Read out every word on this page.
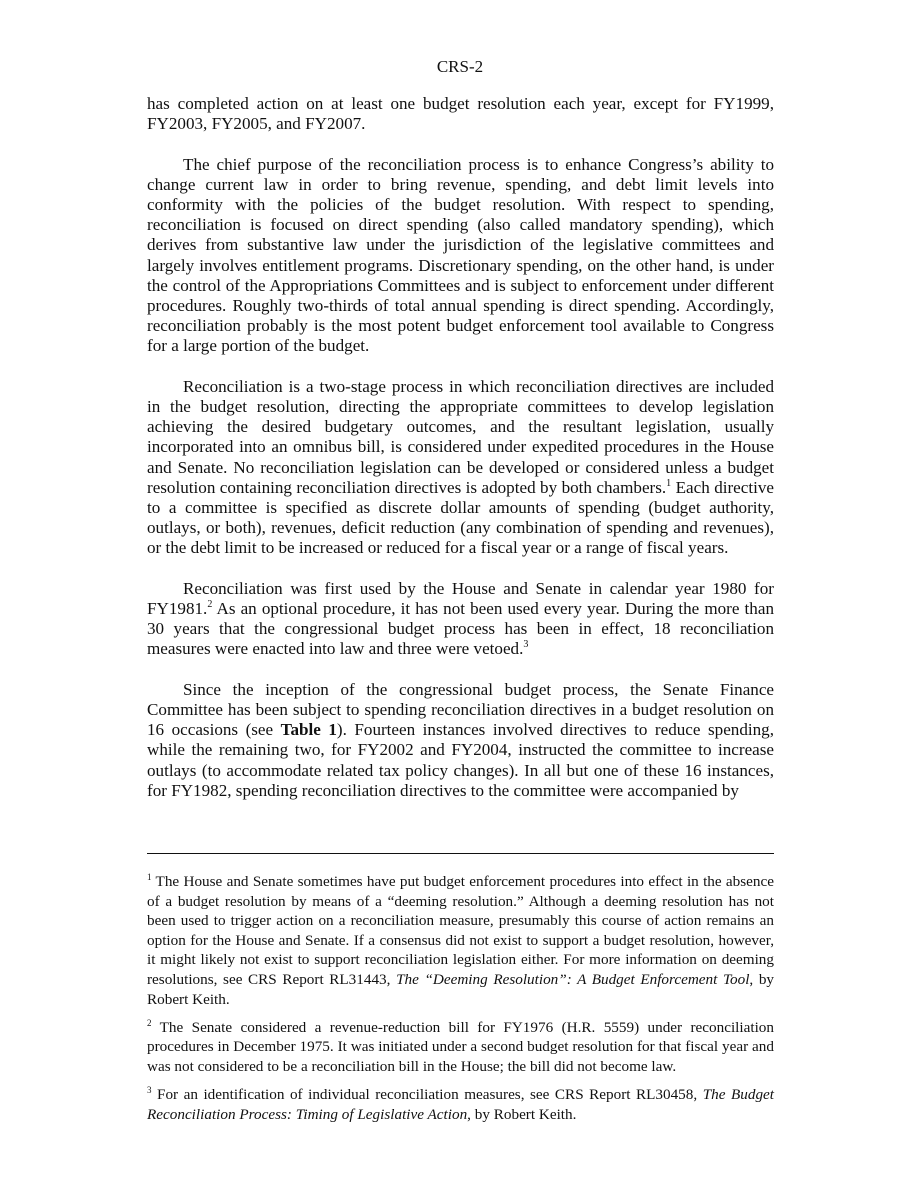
CRS-2

has completed action on at least one budget resolution each year, except for FY1999, FY2003, FY2005, and FY2007.

The chief purpose of the reconciliation process is to enhance Congress’s ability to change current law in order to bring revenue, spending, and debt limit levels into conformity with the policies of the budget resolution. With respect to spending, reconciliation is focused on direct spending (also called mandatory spending), which derives from substantive law under the jurisdiction of the legislative committees and largely involves entitlement programs. Discretionary spending, on the other hand, is under the control of the Appropriations Committees and is subject to enforcement under different procedures. Roughly two-thirds of total annual spending is direct spending. Accordingly, reconciliation probably is the most potent budget enforcement tool available to Congress for a large portion of the budget.

Reconciliation is a two-stage process in which reconciliation directives are included in the budget resolution, directing the appropriate committees to develop legislation achieving the desired budgetary outcomes, and the resultant legislation, usually incorporated into an omnibus bill, is considered under expedited procedures in the House and Senate. No reconciliation legislation can be developed or considered unless a budget resolution containing reconciliation directives is adopted by both chambers.$^1$ Each directive to a committee is specified as discrete dollar amounts of spending (budget authority, outlays, or both), revenues, deficit reduction (any combination of spending and revenues), or the debt limit to be increased or reduced for a fiscal year or a range of fiscal years.

Reconciliation was first used by the House and Senate in calendar year 1980 for FY1981.$^2$ As an optional procedure, it has not been used every year. During the more than 30 years that the congressional budget process has been in effect, 18 reconciliation measures were enacted into law and three were vetoed.$^3$

Since the inception of the congressional budget process, the Senate Finance Committee has been subject to spending reconciliation directives in a budget resolution on 16 occasions (see Table 1). Fourteen instances involved directives to reduce spending, while the remaining two, for FY2002 and FY2004, instructed the committee to increase outlays (to accommodate related tax policy changes). In all but one of these 16 instances, for FY1982, spending reconciliation directives to the committee were accompanied by

$^1$ The House and Senate sometimes have put budget enforcement procedures into effect in the absence of a budget resolution by means of a “deeming resolution.” Although a deeming resolution has not been used to trigger action on a reconciliation measure, presumably this course of action remains an option for the House and Senate. If a consensus did not exist to support a budget resolution, however, it might likely not exist to support reconciliation legislation either. For more information on deeming resolutions, see CRS Report RL31443, The “Deeming Resolution”: A Budget Enforcement Tool, by Robert Keith.

$^2$ The Senate considered a revenue-reduction bill for FY1976 (H.R. 5559) under reconciliation procedures in December 1975. It was initiated under a second budget resolution for that fiscal year and was not considered to be a reconciliation bill in the House; the bill did not become law.

$^3$ For an identification of individual reconciliation measures, see CRS Report RL30458, The Budget Reconciliation Process: Timing of Legislative Action, by Robert Keith.
